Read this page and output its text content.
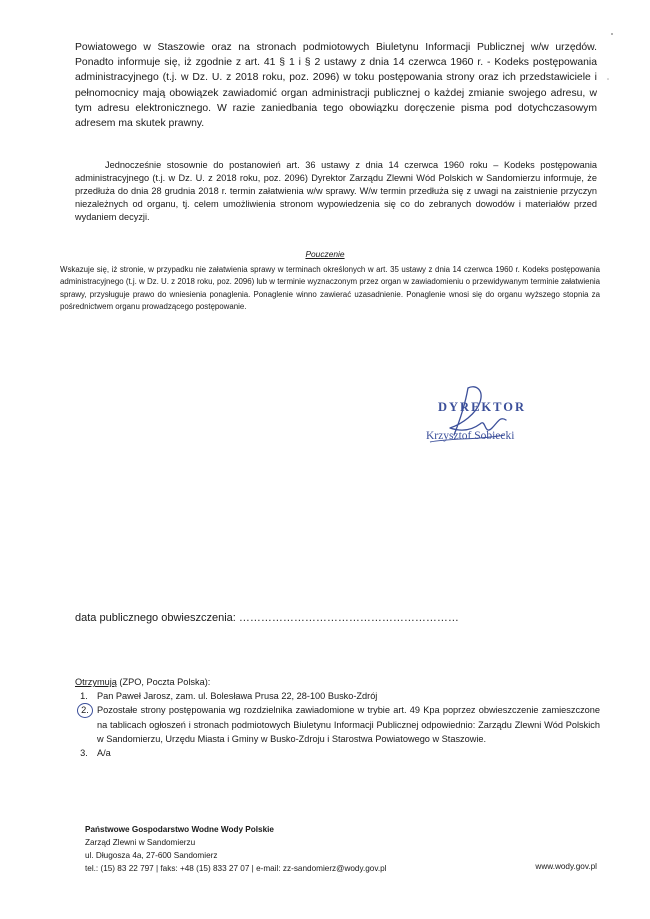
Powiatowego w Staszowie oraz na stronach podmiotowych Biuletynu Informacji Publicznej w/w urzędów. Ponadto informuje się, iż zgodnie z art. 41 § 1 i § 2 ustawy z dnia 14 czerwca 1960 r. - Kodeks postępowania administracyjnego (t.j. w Dz. U. z 2018 roku, poz. 2096) w toku postępowania strony oraz ich przedstawiciele i pełnomocnicy mają obowiązek zawiadomić organ administracji publicznej o każdej zmianie swojego adresu, w tym adresu elektronicznego. W razie zaniedbania tego obowiązku doręczenie pisma pod dotychczasowym adresem ma skutek prawny.

Jednocześnie stosownie do postanowień art. 36 ustawy z dnia 14 czerwca 1960 roku – Kodeks postępowania administracyjnego (t.j. w Dz. U. z 2018 roku, poz. 2096) Dyrektor Zarządu Zlewni Wód Polskich w Sandomierzu informuje, że przedłuża do dnia 28 grudnia 2018 r. termin załatwienia w/w sprawy. W/w termin przedłuża się z uwagi na zaistnienie przyczyn niezależnych od organu, tj. celem umożliwienia stronom wypowiedzenia się co do zebranych dowodów i materiałów przed wydaniem decyzji.

Pouczenie

Wskazuje się, iż stronie, w przypadku nie załatwienia sprawy w terminach określonych w art. 35 ustawy z dnia 14 czerwca 1960 r. Kodeks postępowania administracyjnego (t.j. w Dz. U. z 2018 roku, poz. 2096) lub w terminie wyznaczonym przez organ w zawiadomieniu o przewidywanym terminie załatwienia sprawy, przysługuje prawo do wniesienia ponaglenia. Ponaglenie winno zawierać uzasadnienie. Ponaglenie wnosi się do organu wyższego stopnia za pośrednictwem organu prowadzącego postępowanie.

DYREKTOR
Krzysztof Sobiecki

data publicznego obwieszczenia: ……………………………………………………

Otrzymują (ZPO, Poczta Polska):
1. Pan Paweł Jarosz, zam. ul. Bolesława Prusa 22, 28-100 Busko-Zdrój
2. Pozostałe strony postępowania wg rozdzielnika zawiadomione w trybie art. 49 Kpa poprzez obwieszczenie zamieszczone na tablicach ogłoszeń i stronach podmiotowych Biuletynu Informacji Publicznej odpowiednio: Zarządu Zlewni Wód Polskich w Sandomierzu, Urzędu Miasta i Gminy w Busko-Zdroju i Starostwa Powiatowego w Staszowie.
3. A/a
Państwowe Gospodarstwo Wodne Wody Polskie
Zarząd Zlewni w Sandomierzu
ul. Długosza 4a, 27-600 Sandomierz
tel.: (15) 83 22 797 | faks: +48 (15) 833 27 07 | e-mail: zz-sandomierz@wody.gov.pl	www.wody.gov.pl
